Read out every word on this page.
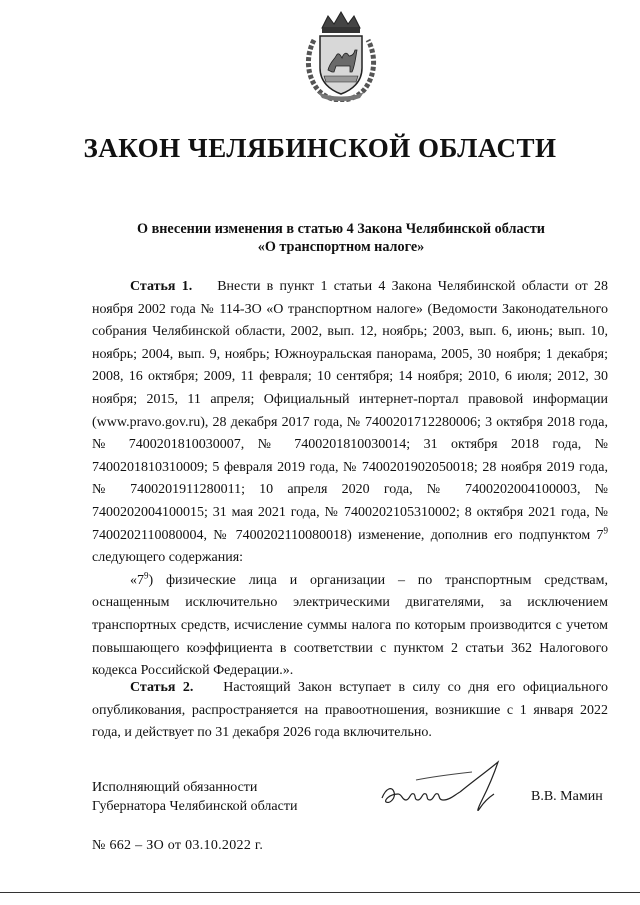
ЗАКОН ЧЕЛЯБИНСКОЙ ОБЛАСТИ
О внесении изменения в статью 4 Закона Челябинской области
«О транспортном налоге»

Статья 1. Внести в пункт 1 статьи 4 Закона Челябинской области от 28 ноября 2002 года № 114-ЗО «О транспортном налоге» (Ведомости Законодательного собрания Челябинской области, 2002, вып. 12, ноябрь; 2003, вып. 6, июнь; вып. 10, ноябрь; 2004, вып. 9, ноябрь; Южноуральская панорама, 2005, 30 ноября; 1 декабря; 2008, 16 октября; 2009, 11 февраля; 10 сентября; 14 ноября; 2010, 6 июля; 2012, 30 ноября; 2015, 11 апреля; Официальный интернет-портал правовой информации (www.pravo.gov.ru), 28 декабря 2017 года, № 7400201712280006; 3 октября 2018 года, № 7400201810030007, № 7400201810030014; 31 октября 2018 года, № 7400201810310009; 5 февраля 2019 года, № 7400201902050018; 28 ноября 2019 года, № 7400201911280011; 10 апреля 2020 года, № 7400202004100003, № 7400202004100015; 31 мая 2021 года, № 7400202105310002; 8 октября 2021 года, № 7400202110080004, № 7400202110080018) изменение, дополнив его подпунктом $7^9$ следующего содержания:

«$7^9$) физические лица и организации – по транспортным средствам, оснащенным исключительно электрическими двигателями, за исключением транспортных средств, исчисление суммы налога по которым производится с учетом повышающего коэффициента в соответствии с пунктом 2 статьи 362 Налогового кодекса Российской Федерации.».

Статья 2. Настоящий Закон вступает в силу со дня его официального опубликования, распространяется на правоотношения, возникшие с 1 января 2022 года, и действует по 31 декабря 2026 года включительно.

Исполняющий обязанности
Губернатора Челябинской области
В.В. Мамин
№ 662 – ЗО от 03.10.2022 г.
